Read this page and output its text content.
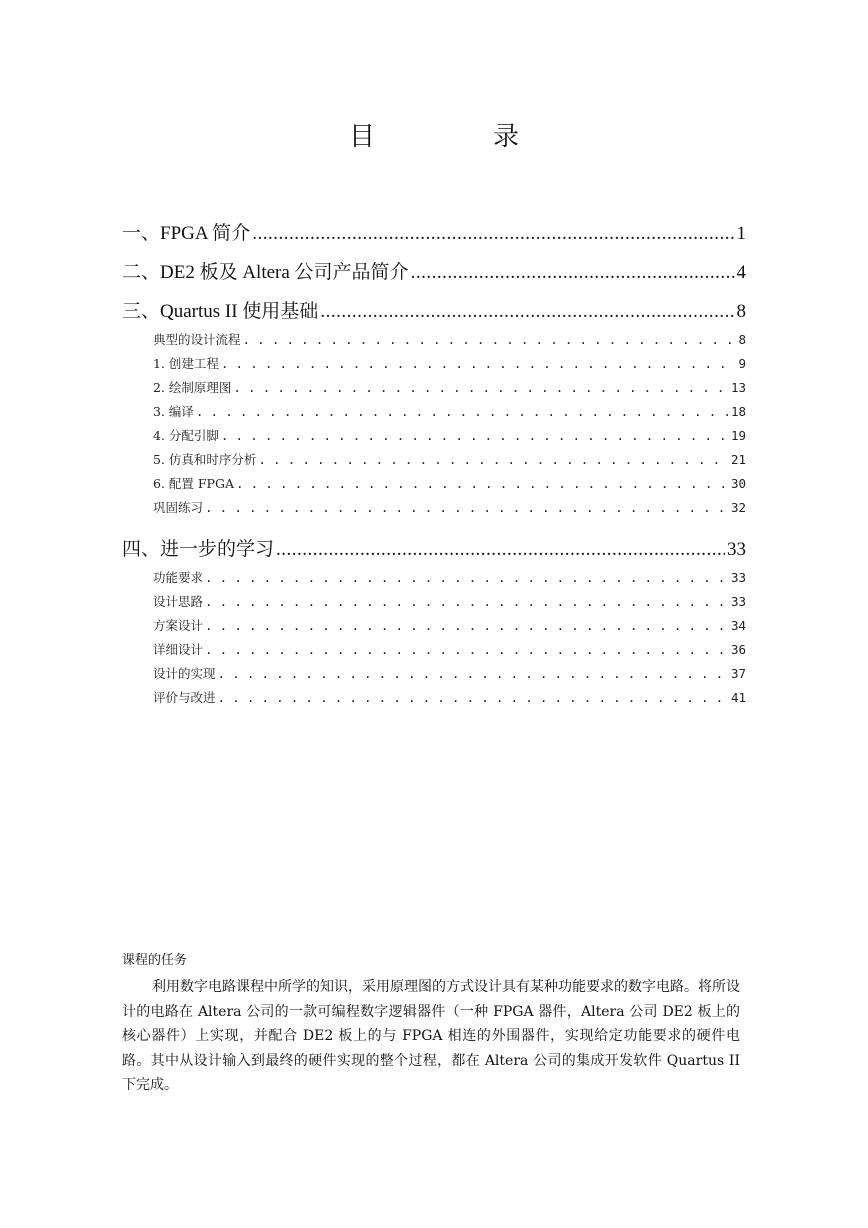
目　录
一、FPGA 简介 .....	1
二、DE2 板及 Altera 公司产品简介 .....	4
三、Quartus II 使用基础 .....	8
典型的设计流程 . . .	8
1. 创建工程 . . .	9
2. 绘制原理图 . . .	13
3. 编译 . . .	18
4. 分配引脚 . . .	19
5. 仿真和时序分析 . . .	21
6. 配置 FPGA . . .	30
巩固练习 . . .	32
四、进一步的学习 .....	33
功能要求 . . .	33
设计思路 . . .	33
方案设计 . . .	34
详细设计 . . .	36
设计的实现 . . .	37
评价与改进 . . .	41
课程的任务

利用数字电路课程中所学的知识，采用原理图的方式设计具有某种功能要求的数字电路。将所设计的电路在 Altera 公司的一款可编程数字逻辑器件（一种 FPGA 器件，Altera 公司 DE2 板上的核心器件）上实现，并配合 DE2 板上的与 FPGA 相连的外围器件，实现给定功能要求的硬件电路。其中从设计输入到最终的硬件实现的整个过程，都在 Altera 公司的集成开发软件 Quartus II 下完成。
